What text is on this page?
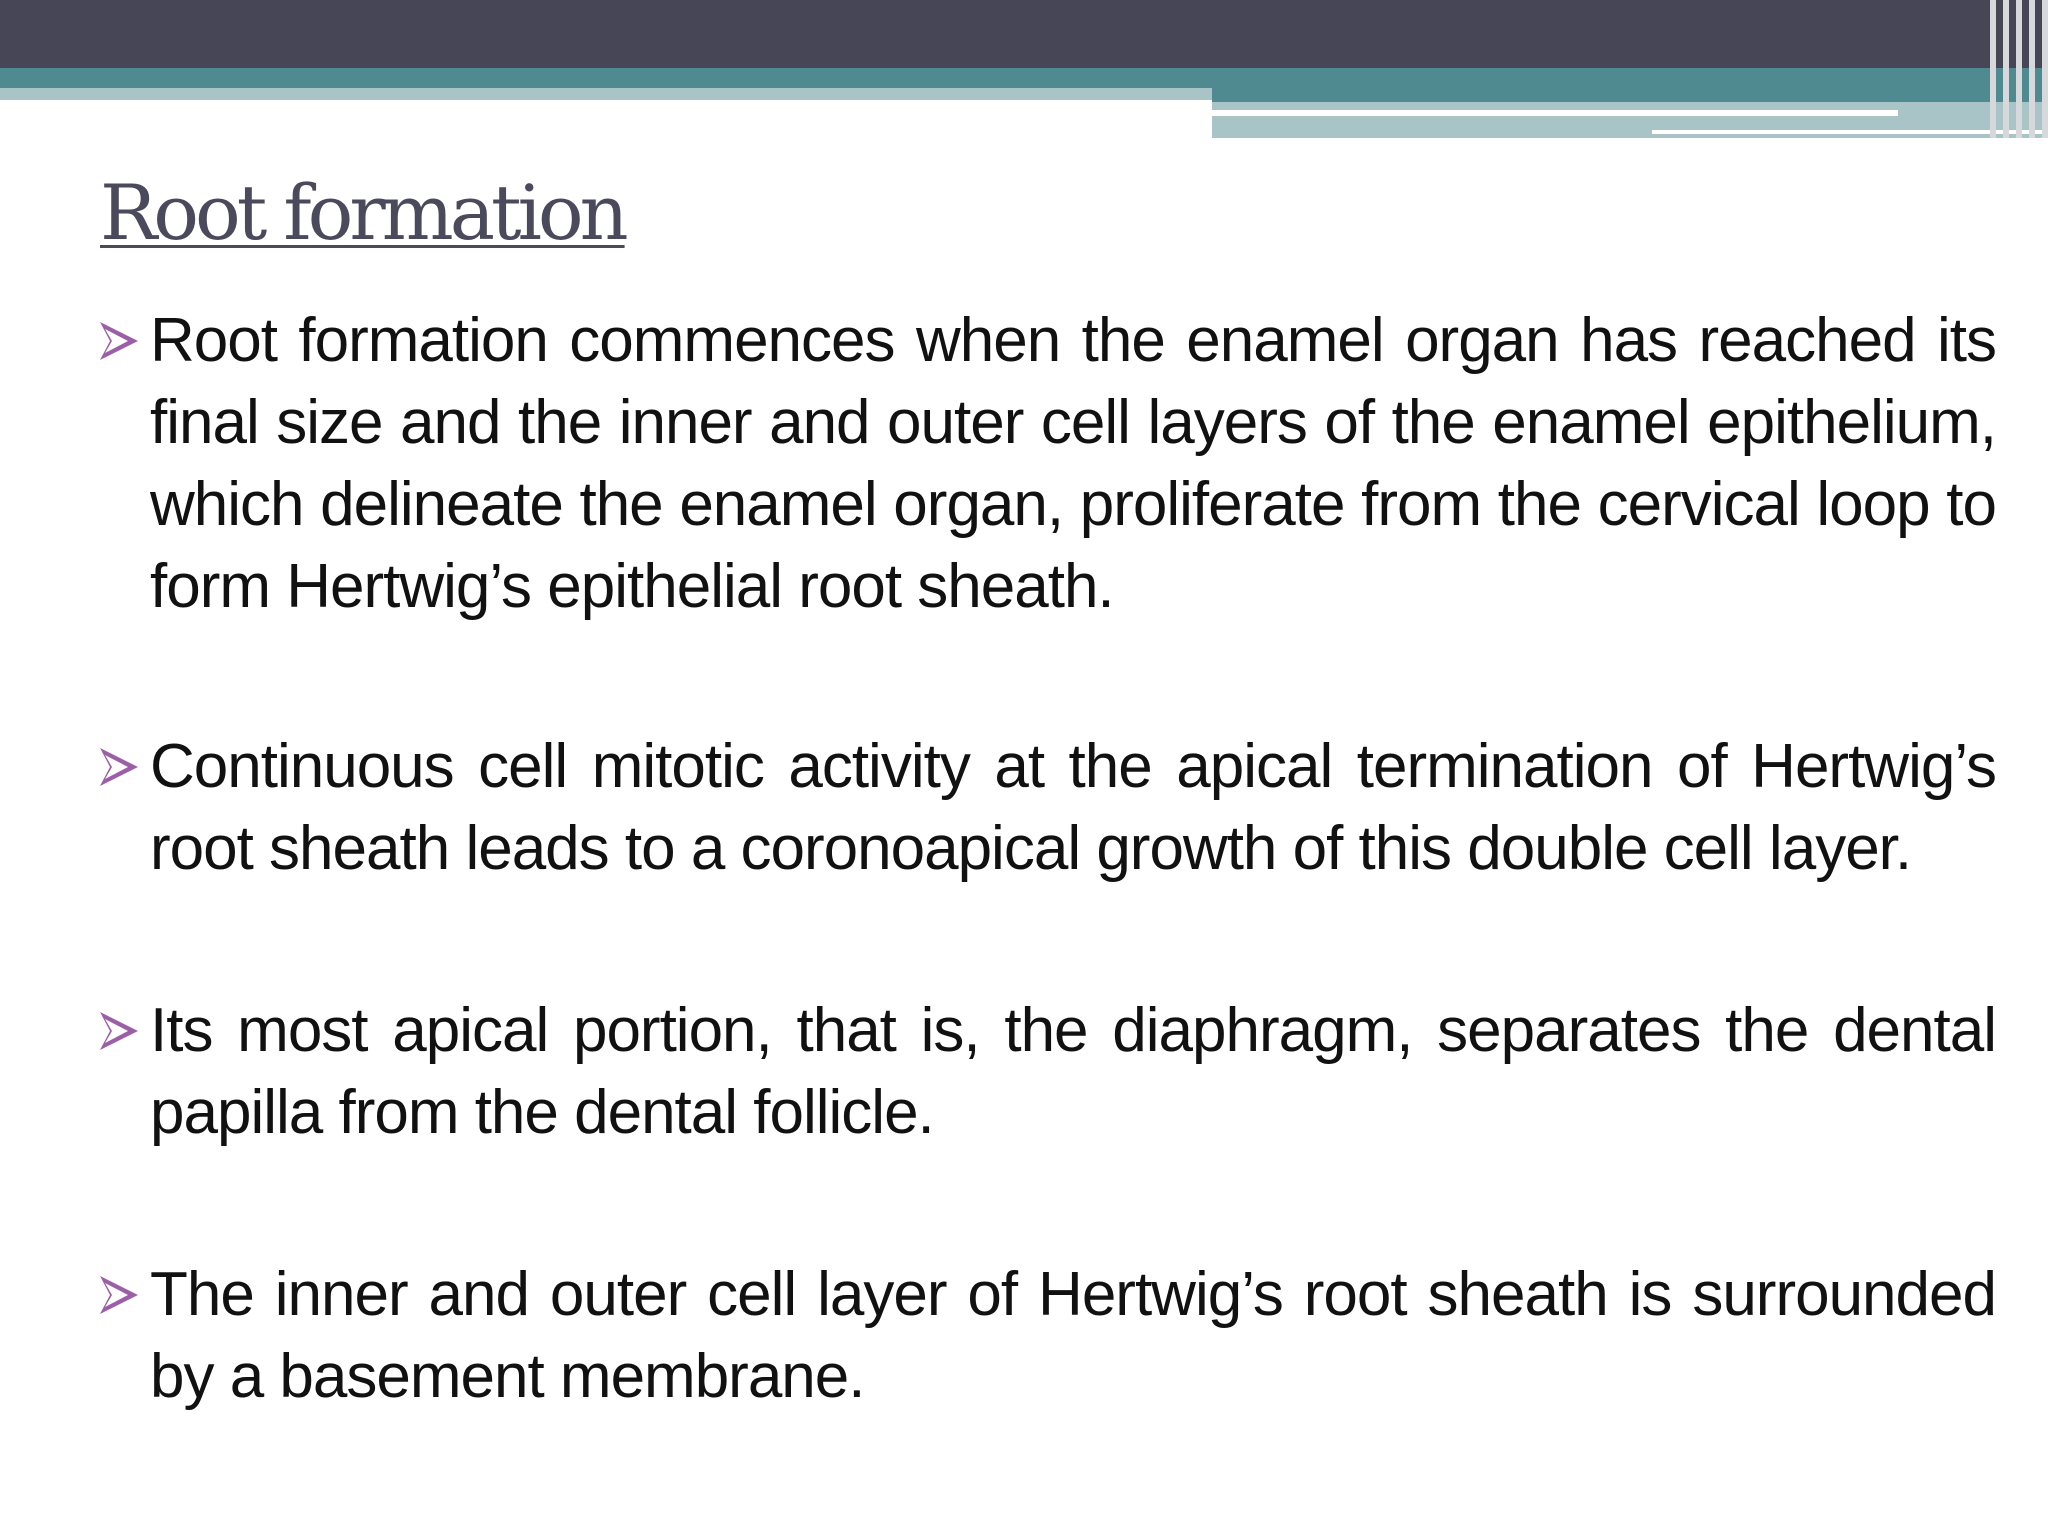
Root formation
Root formation commences when the enamel organ has reached its final size and the inner and outer cell layers of the enamel epithelium, which delineate the enamel organ, proliferate from the cervical loop to form Hertwig’s epithelial root sheath.
Continuous cell mitotic activity at the apical termination of Hertwig’s root sheath leads to a coronoapical growth of this double cell layer.
Its most apical portion, that is, the diaphragm, separates the dental papilla from the dental follicle.
The inner and outer cell layer of Hertwig’s root sheath is surrounded by a basement membrane.
